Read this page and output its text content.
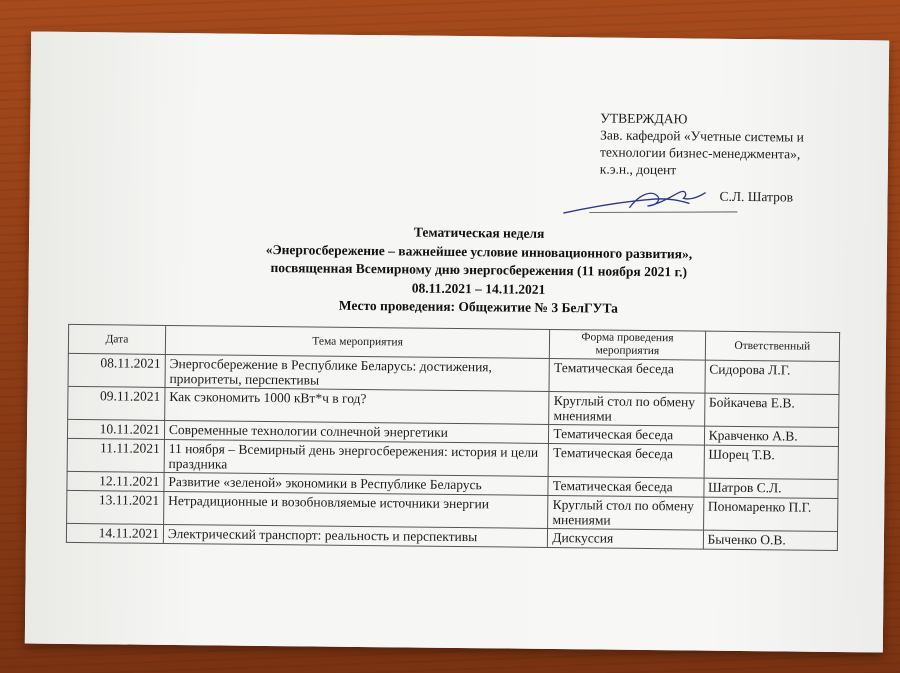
УТВЕРЖДАЮ
Зав. кафедрой «Учетные системы и
технологии бизнес-менеджмента»,
к.э.н., доцент
С.Л. Шатров
Тематическая неделя
«Энергосбережение – важнейшее условие инновационного развития»,
посвященная Всемирному дню энергосбережения (11 ноября 2021 г.)
08.11.2021 – 14.11.2021
Место проведения: Общежитие № 3 БелГУТа
Дата	Тема мероприятия	Форма проведения мероприятия	Ответственный
08.11.2021	Энергосбережение в Республике Беларусь: достижения, приоритеты, перспективы	Тематическая беседа	Сидорова Л.Г.
09.11.2021	Как сэкономить 1000 кВт*ч в год?	Круглый стол по обмену мнениями	Бойкачева Е.В.
10.11.2021	Современные технологии солнечной энергетики	Тематическая беседа	Кравченко А.В.
11.11.2021	11 ноября – Всемирный день энергосбережения: история и цели праздника	Тематическая беседа	Шорец Т.В.
12.11.2021	Развитие «зеленой» экономики в Республике Беларусь	Тематическая беседа	Шатров С.Л.
13.11.2021	Нетрадиционные и возобновляемые источники энергии	Круглый стол по обмену мнениями	Пономаренко П.Г.
14.11.2021	Электрический транспорт: реальность и перспективы	Дискуссия	Быченко О.В.
